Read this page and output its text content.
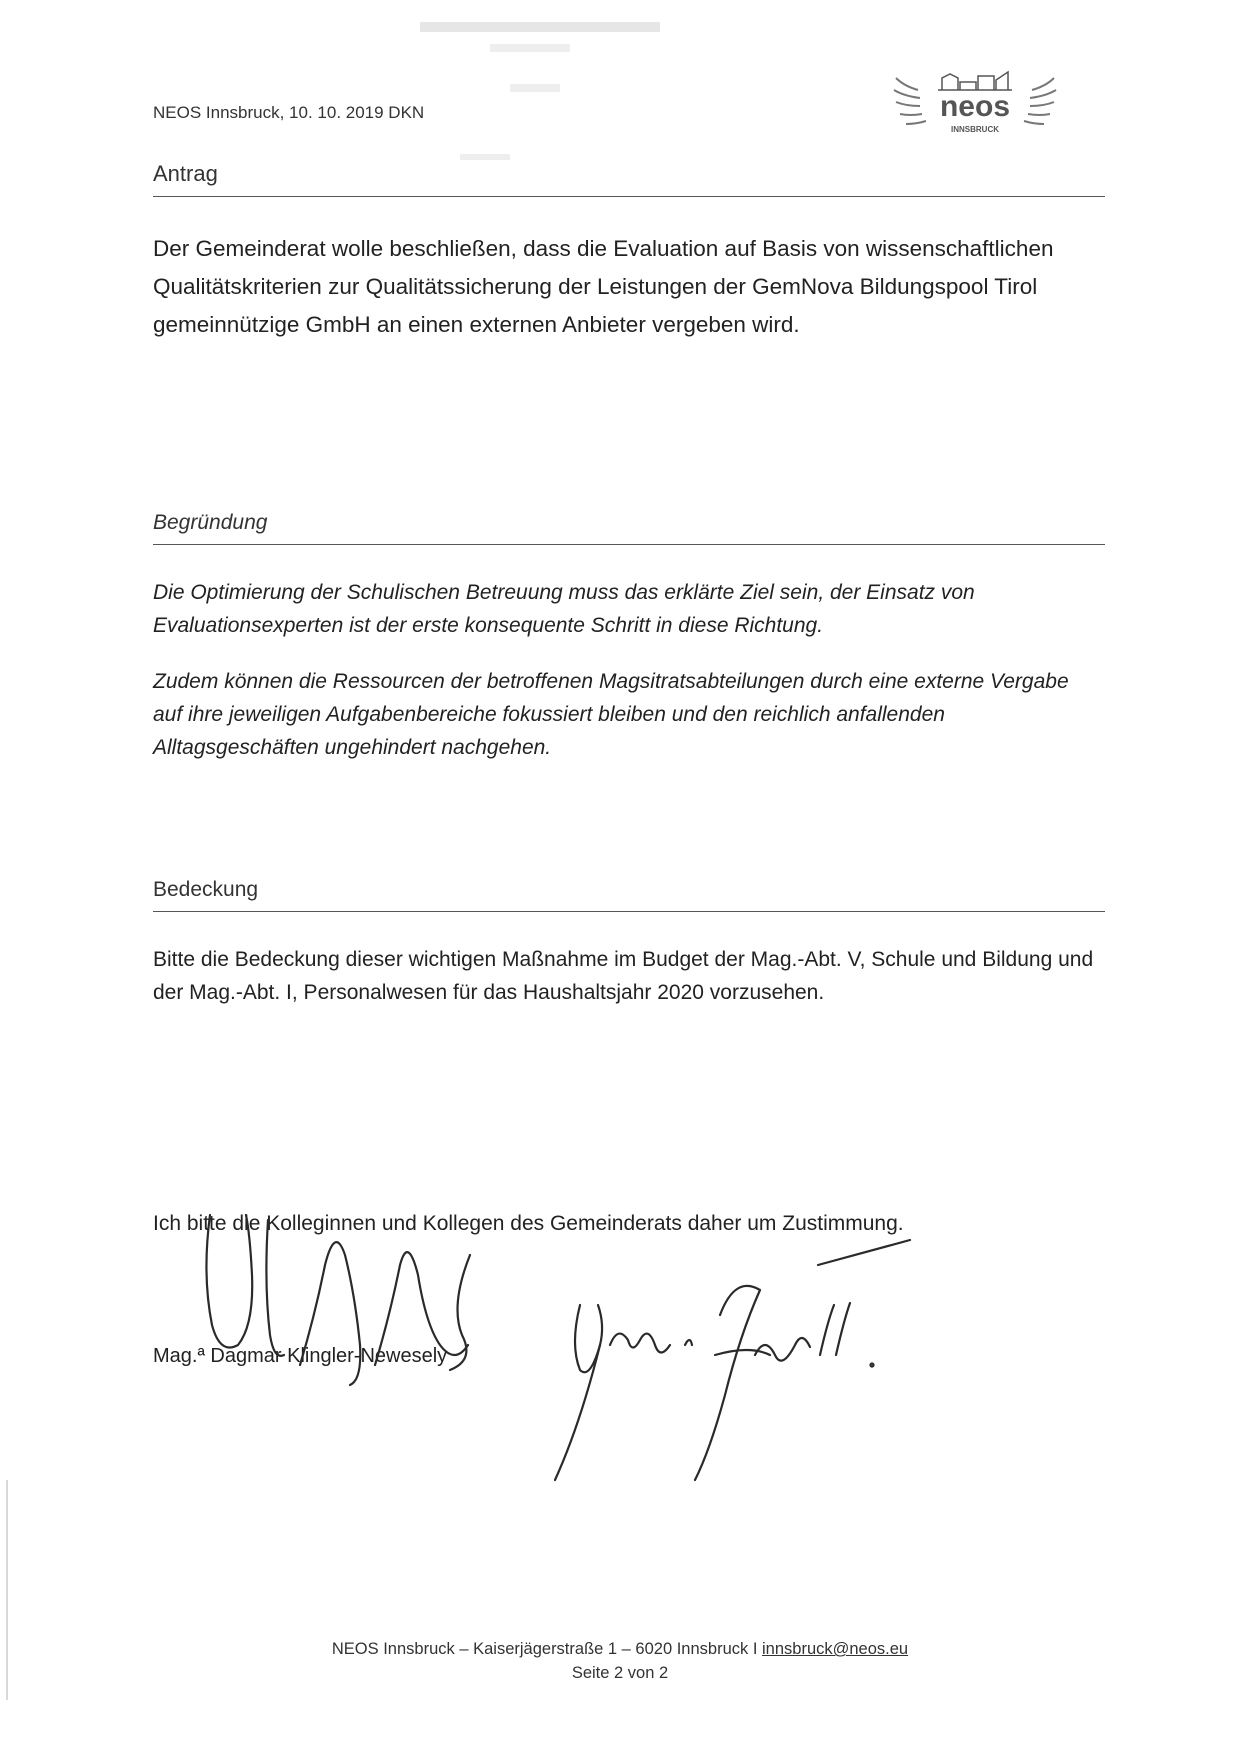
NEOS Innsbruck, 10. 10. 2019 DKN	neos
INNSBRUCK
Antrag

Der Gemeinderat wolle beschließen, dass die Evaluation auf Basis von wissenschaftlichen Qualitätskriterien zur Qualitätssicherung der Leistungen der GemNova Bildungspool Tirol gemeinnützige GmbH an einen externen Anbieter vergeben wird.

Begründung

Die Optimierung der Schulischen Betreuung muss das erklärte Ziel sein, der Einsatz von Evaluationsexperten ist der erste konsequente Schritt in diese Richtung.

Zudem können die Ressourcen der betroffenen Magsitratsabteilungen durch eine externe Vergabe auf ihre jeweiligen Aufgabenbereiche fokussiert bleiben und den reichlich anfallenden Alltagsgeschäften ungehindert nachgehen.

Bedeckung

Bitte die Bedeckung dieser wichtigen Maßnahme im Budget der Mag.-Abt. V, Schule und Bildung und der Mag.-Abt. I, Personalwesen für das Haushaltsjahr 2020 vorzusehen.

Ich bitte die Kolleginnen und Kollegen des Gemeinderats daher um Zustimmung.
Mag.ª Dagmar Klingler-Newesely
NEOS Innsbruck – Kaiserjägerstraße 1 – 6020 Innsbruck I innsbruck@neos.eu
Seite 2 von 2
